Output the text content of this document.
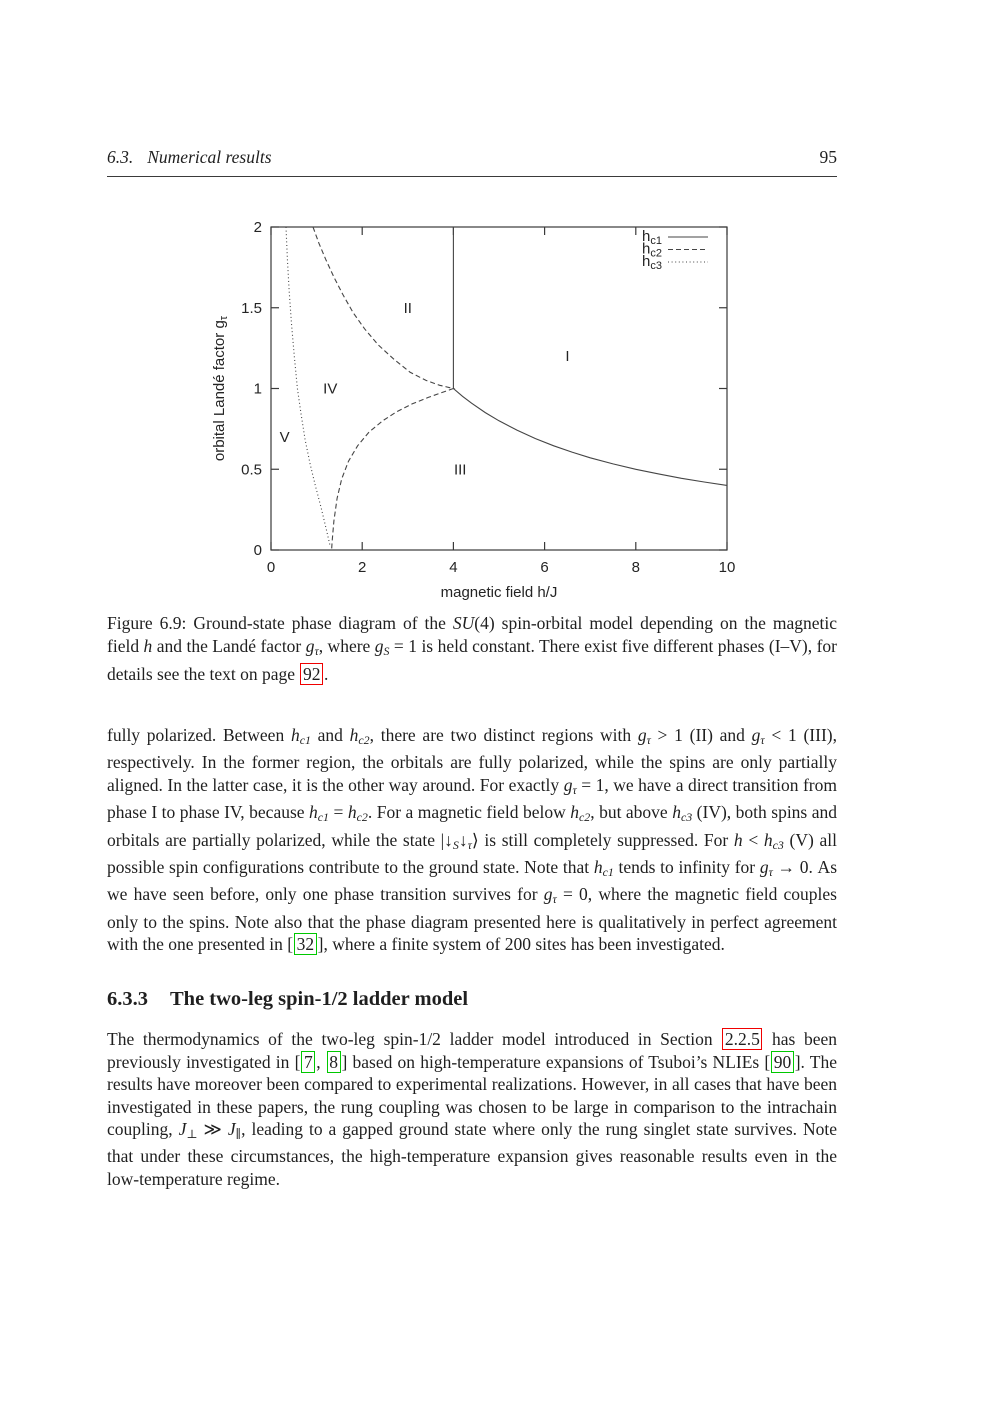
6.3. Numerical results	95
0	2	4	6	8	10
0
0.5
1
1.5
2
I
II
III
IV
V
$h_{c1}$
$h_{c2}$
$h_{c3}$
magnetic field h/J
orbital Landé factor $g_\tau$
Figure 6.9: Ground-state phase diagram of the SU(4) spin-orbital model depending on the magnetic field h and the Landé factor gτ, where gS = 1 is held constant. There exist five different phases (I–V), for details see the text on page 92 .

fully polarized. Between hc1 and hc2, there are two distinct regions with gτ > 1 (II) and gτ < 1 (III), respectively. In the former region, the orbitals are fully polarized, while the spins are only partially aligned. In the latter case, it is the other way around. For exactly gτ = 1, we have a direct transition from phase I to phase IV, because hc1 = hc2. For a magnetic field below hc2, but above hc3 (IV), both spins and orbitals are partially polarized, while the state |↓S↓τ⟩ is still completely suppressed. For h < hc3 (V) all possible spin configurations contribute to the ground state. Note that hc1 tends to infinity for gτ → 0. As we have seen before, only one phase transition survives for gτ = 0, where the magnetic field couples only to the spins. Note also that the phase diagram presented here is qualitatively in perfect agreement with the one presented in [ 32 ], where a finite system of 200 sites has been investigated.

6.3.3 The two-leg spin-1/2 ladder model

The thermodynamics of the two-leg spin-1/2 ladder model introduced in Section 2.2.5 has been previously investigated in [ 7 , 8 ] based on high-temperature expansions of Tsuboi’s NLIEs [ 90 ]. The results have moreover been compared to experimental realizations. However, in all cases that have been investigated in these papers, the rung coupling was chosen to be large in comparison to the intrachain coupling, J⊥ ≫ J∥, leading to a gapped ground state where only the rung singlet state survives. Note that under these circumstances, the high-temperature expansion gives reasonable results even in the low-temperature regime.
